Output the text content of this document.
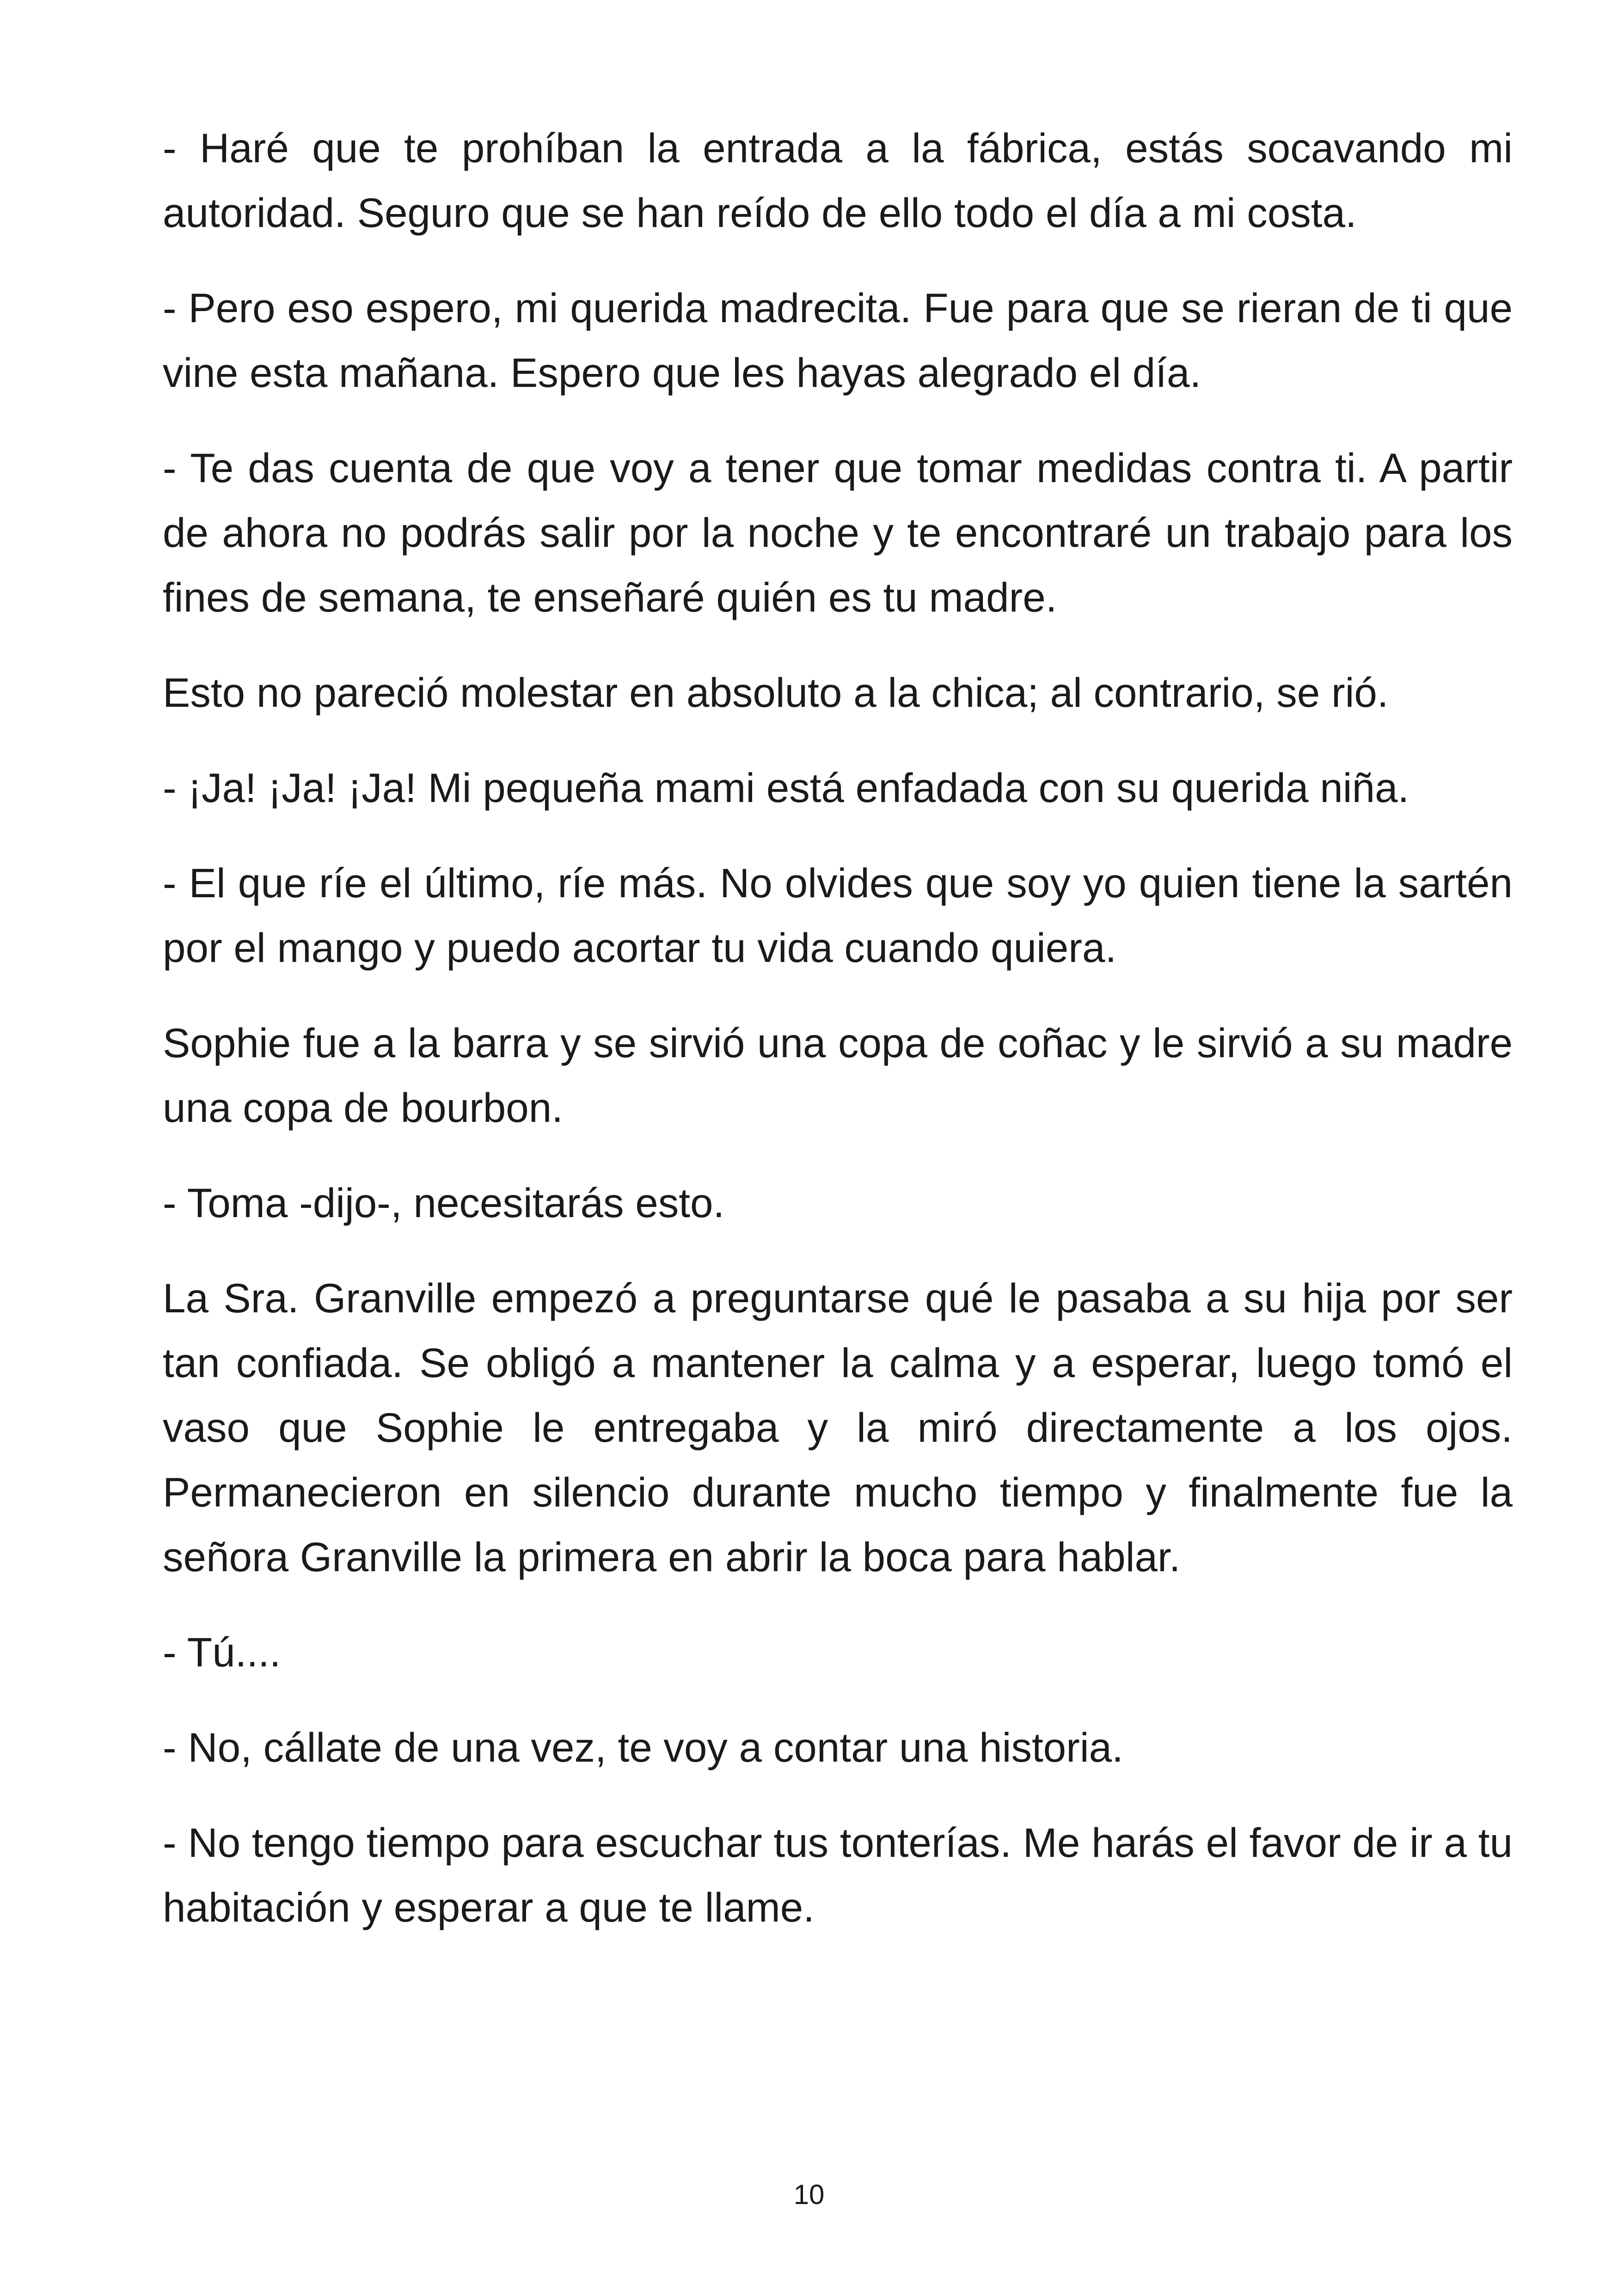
- Haré que te prohíban la entrada a la fábrica, estás socavando mi autoridad. Seguro que se han reído de ello todo el día a mi costa.

- Pero eso espero, mi querida madrecita. Fue para que se rieran de ti que vine esta mañana. Espero que les hayas alegrado el día.

- Te das cuenta de que voy a tener que tomar medidas contra ti. A partir de ahora no podrás salir por la noche y te encontraré un trabajo para los fines de semana, te enseñaré quién es tu madre.

Esto no pareció molestar en absoluto a la chica; al contrario, se rió.

- ¡Ja! ¡Ja! ¡Ja! Mi pequeña mami está enfadada con su querida niña.

- El que ríe el último, ríe más. No olvides que soy yo quien tiene la sartén por el mango y puedo acortar tu vida cuando quiera.

Sophie fue a la barra y se sirvió una copa de coñac y le sirvió a su madre una copa de bourbon.

- Toma -dijo-, necesitarás esto.

La Sra. Granville empezó a preguntarse qué le pasaba a su hija por ser tan confiada. Se obligó a mantener la calma y a esperar, luego tomó el vaso que Sophie le entregaba y la miró directamente a los ojos. Permanecieron en silencio durante mucho tiempo y finalmente fue la señora Granville la primera en abrir la boca para hablar.

- Tú....

- No, cállate de una vez, te voy a contar una historia.

- No tengo tiempo para escuchar tus tonterías. Me harás el favor de ir a tu habitación y esperar a que te llame.

10
